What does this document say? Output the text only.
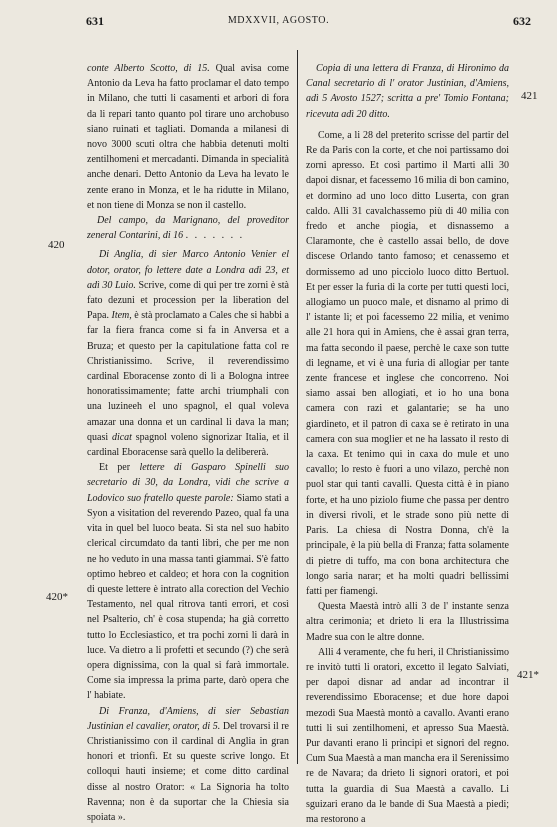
631	MDXXVII, AGOSTO.	632
420
420*
421
421*

conte Alberto Scotto, di 15. Qual avisa come Antonio da Leva ha fatto proclamar el dato tempo in Milano, che tutti li casamenti et arbori di fora da li repari tanto quanto pol tirare uno archobuso siano ruinati et tagliati. Domanda a milanesi di novo 3000 scuti oltra che habbia detenuti molti zentilhomeni et mercadanti. Dimanda in specialità anche denari. Detto Antonio da Leva ha levato le zente erano in Monza, et le ha ridutte in Milano, et non tiene di Monza se non il castello.

Del campo, da Marignano, del proveditor zeneral Contarini, di 16 . . . . . . .

Di Anglia, di sier Marco Antonio Venier el dotor, orator, fo lettere date a Londra adì 23, et adì 30 Luio. Scrive, come di qui per tre zorni è stà fato dezuni et procession per la liberation del Papa. Item, è stà proclamato a Cales che si habbi a far la fiera franca come si fa in Anversa et a Bruza; et questo per la capitulatione fatta col re Christianissimo. Scrive, il reverendissimo cardinal Eboracense zonto di lì a Bologna intree honoratissimamente; fatte archi triumphali con una luzineeh el uno spagnol, el qual voleva amazar una donna et un cardinal li dava la man; quasi dicat spagnol voleno signorizar Italia, et il cardinal Eboracense sarà quello la delibererà.

Et per lettere di Gasparo Spinelli suo secretario di 30, da Londra, vidi che scrive a Lodovico suo fratello queste parole: Siamo stati a Syon a visitation del reverendo Pazeo, qual fa una vita in quel bel luoco beata. Si sta nel suo habito clerical circumdato da tanti libri, che per me non ne ho veduto in una massa tanti giammai. S'è fatto optimo hebreo et caldeo; et hora con la cognition di queste lettere è intrato alla corection del Vechio Testamento, nel qual ritrova tanti errori, et così nel Psalterio, ch' è cosa stupenda; ha già corretto tutto lo Ecclesiastico, et tra pochi zorni li darà in luce. Va dietro a li profetti et secundo (?) che serà opera dignissima, con la qual si farà immortale. Come sia impressa la prima parte, darò opera che l' habiate.

Di Franza, d'Amiens, di sier Sebastian Justinian el cavalier, orator, di 5. Del trovarsi il re Christianissimo con il cardinal di Anglia in gran honori et trionfi. Et su queste scrive longo. Et colloqui hauti insieme; et come ditto cardinal disse al nostro Orator: « La Signoria ha tolto Ravenna; non è da suportar che la Chiesia sia spoiata ».

Copia di una lettera di Franza, di Hironimo da Canal secretario di l' orator Justinian, d'Amiens, adì 5 Avosto 1527; scritta a pre' Tomio Fontana; ricevuta adì 20 ditto.

Come, a li 28 del preterito scrisse del partir del Re da Paris con la corte, et che noi partissamo doi zorni apresso. Et così partimo il Marti alli 30 dapoi disnar, et facessemo 16 milia di bon camino, et dormino ad uno loco ditto Luserta, con gran caldo. Alli 31 cavalchassemo più di 40 milia con fredo et anche piogia, et disnassemo a Claramonte, che è castello assai bello, de dove discese Orlando tanto famoso; et cenassemo et dormissemo ad uno picciolo luoco ditto Bertuol. Et per esser la furia di la corte per tutti questi loci, allogiamo un puoco male, et disnamo al primo di l' istante li; et poi facessemo 22 milia, et venimo alle 21 hora qui in Amiens, che è assai gran terra, ma fatta secondo il paese, perchè le caxe son tutte di legname, et vi è una furia di allogiar per tante zente francese et inglese che concorreno. Noi siamo assai ben allogiati, et io ho una bona camera con razi et galantarie; se ha uno giardineto, et il patron di caxa se è retirato in una camera con sua moglier et ne ha lassato il resto di la caxa. Et tenimo qui in caxa do mule et uno cavallo; lo resto è fuori a uno vilazo, perchè non puol star qui tanti cavalli. Questa città è in piano forte, et ha uno piziolo fiume che passa per dentro in diversi rivoli, et le strade sono più nette di Paris. La chiesa di Nostra Donna, ch'è la principale, è la più bella di Franza; fatta solamente di pietre di tuffo, ma con bona architectura che longo saria narar; et ha molti quadri bellissimi fatti per fiamengi.

Questa Maestà intrò alli 3 de l' instante senza altra cerimonia; et drieto li era la Illustrissima Madre sua con le altre donne.

Alli 4 veramente, che fu heri, il Christianissimo re invitò tutti li oratori, excetto il legato Salviati, per dapoi disnar ad andar ad incontrar il reverendissimo Eboracense; et due hore dapoi mezodì Sua Maestà montò a cavallo. Avanti erano tutti li sui zentilhomeni, et apresso Sua Maestà. Pur davanti erano li principi et signori del regno. Cum Sua Maestà a man mancha era il Serenissimo re de Navara; da drieto li signori oratori, et poi tutta la guardia di Sua Maestà a cavallo. Li sguizari erano da le bande di Sua Maestà a piedi; ma restorono a
